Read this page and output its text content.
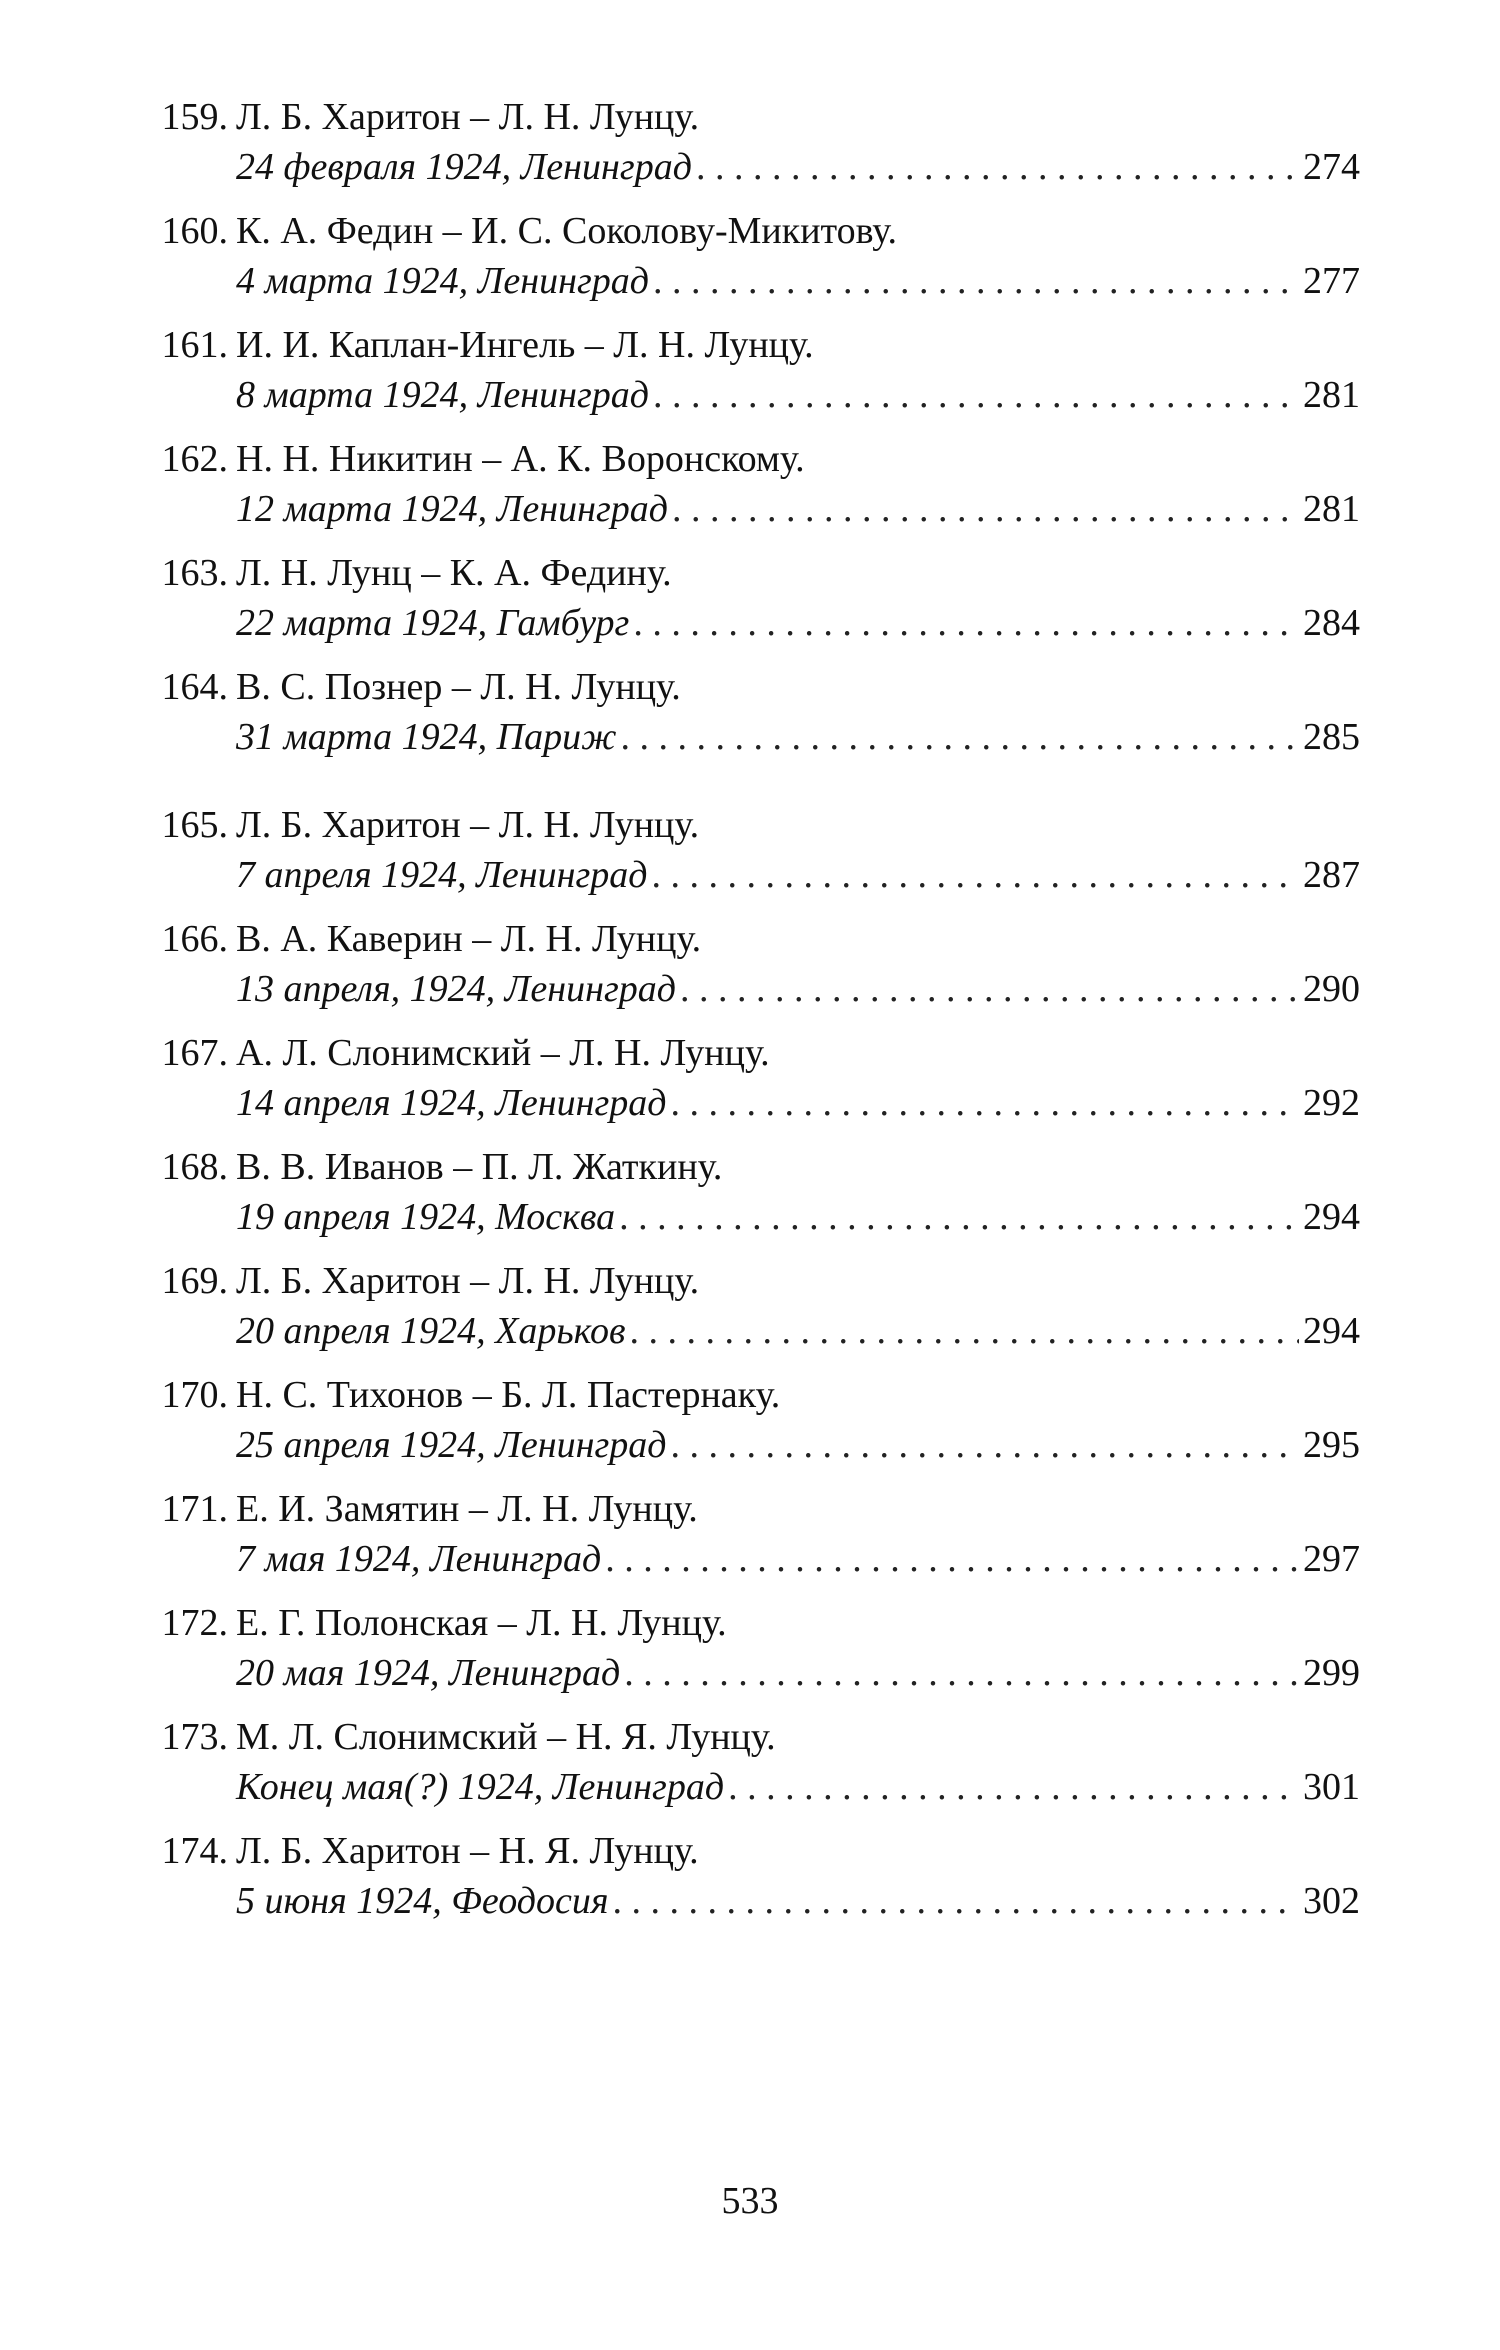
159. Л. Б. Харитон – Л. Н. Лунцу.
24 февраля 1924, Ленинград . . .	274
160. К. А. Федин – И. С. Соколову-Микитову.
4 марта 1924, Ленинград . . .	277
161. И. И. Каплан-Ингель – Л. Н. Лунцу.
8 марта 1924, Ленинград . . .	281
162. Н. Н. Никитин – А. К. Воронскому.
12 марта 1924, Ленинград . . .	281
163. Л. Н. Лунц – К. А. Федину.
22 марта 1924, Гамбург . . .	284
164. В. С. Познер – Л. Н. Лунцу.
31 марта 1924, Париж . . .	285
165. Л. Б. Харитон – Л. Н. Лунцу.
7 апреля 1924, Ленинград . . .	287
166. В. А. Каверин – Л. Н. Лунцу.
13 апреля, 1924, Ленинград . . .	290
167. А. Л. Слонимский – Л. Н. Лунцу.
14 апреля 1924, Ленинград . . .	292
168. В. В. Иванов – П. Л. Жаткину.
19 апреля 1924, Москва . . .	294
169. Л. Б. Харитон – Л. Н. Лунцу.
20 апреля 1924, Харьков . . .	294
170. Н. С. Тихонов – Б. Л. Пастернаку.
25 апреля 1924, Ленинград . . .	295
171. Е. И. Замятин – Л. Н. Лунцу.
7 мая 1924, Ленинград . . .	297
172. Е. Г. Полонская – Л. Н. Лунцу.
20 мая 1924, Ленинград . . .	299
173. М. Л. Слонимский – Н. Я. Лунцу.
Конец мая(?) 1924, Ленинград . . .	301
174. Л. Б. Харитон – Н. Я. Лунцу.
5 июня 1924, Феодосия . . .	302
533
